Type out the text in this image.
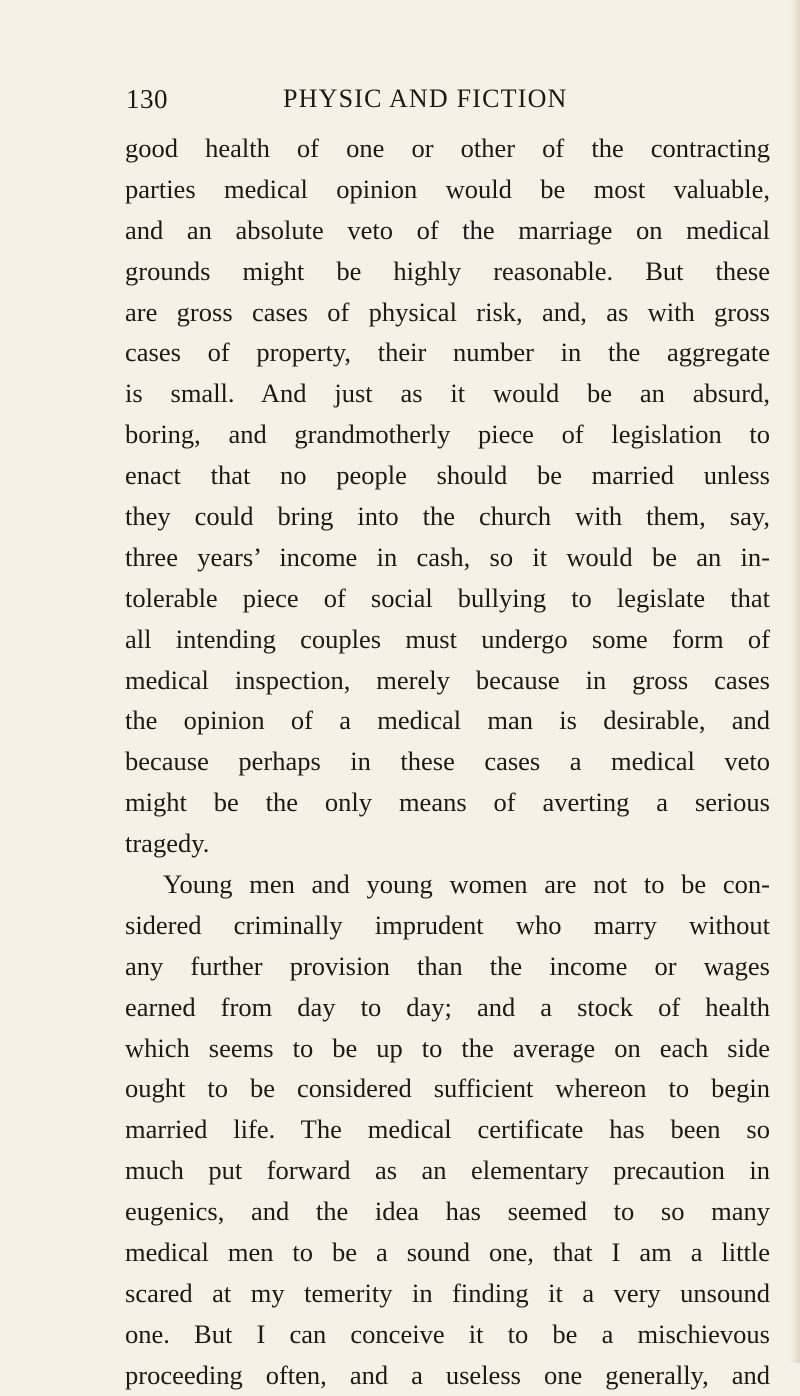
130	PHYSIC AND FICTION
good health of one or other of the contracting
parties medical opinion would be most valuable,
and an absolute veto of the marriage on medical
grounds might be highly reasonable. But these
are gross cases of physical risk, and, as with gross
cases of property, their number in the aggregate
is small. And just as it would be an absurd,
boring, and grandmotherly piece of legislation to
enact that no people should be married unless
they could bring into the church with them, say,
three years’ income in cash, so it would be an in-
tolerable piece of social bullying to legislate that
all intending couples must undergo some form of
medical inspection, merely because in gross cases
the opinion of a medical man is desirable, and
because perhaps in these cases a medical veto
might be the only means of averting a serious
tragedy.
Young men and young women are not to be con-
sidered criminally imprudent who marry without
any further provision than the income or wages
earned from day to day; and a stock of health
which seems to be up to the average on each side
ought to be considered sufficient whereon to begin
married life. The medical certificate has been so
much put forward as an elementary precaution in
eugenics, and the idea has seemed to so many
medical men to be a sound one, that I am a little
scared at my temerity in finding it a very unsound
one. But I can conceive it to be a mischievous
proceeding often, and a useless one generally, and
